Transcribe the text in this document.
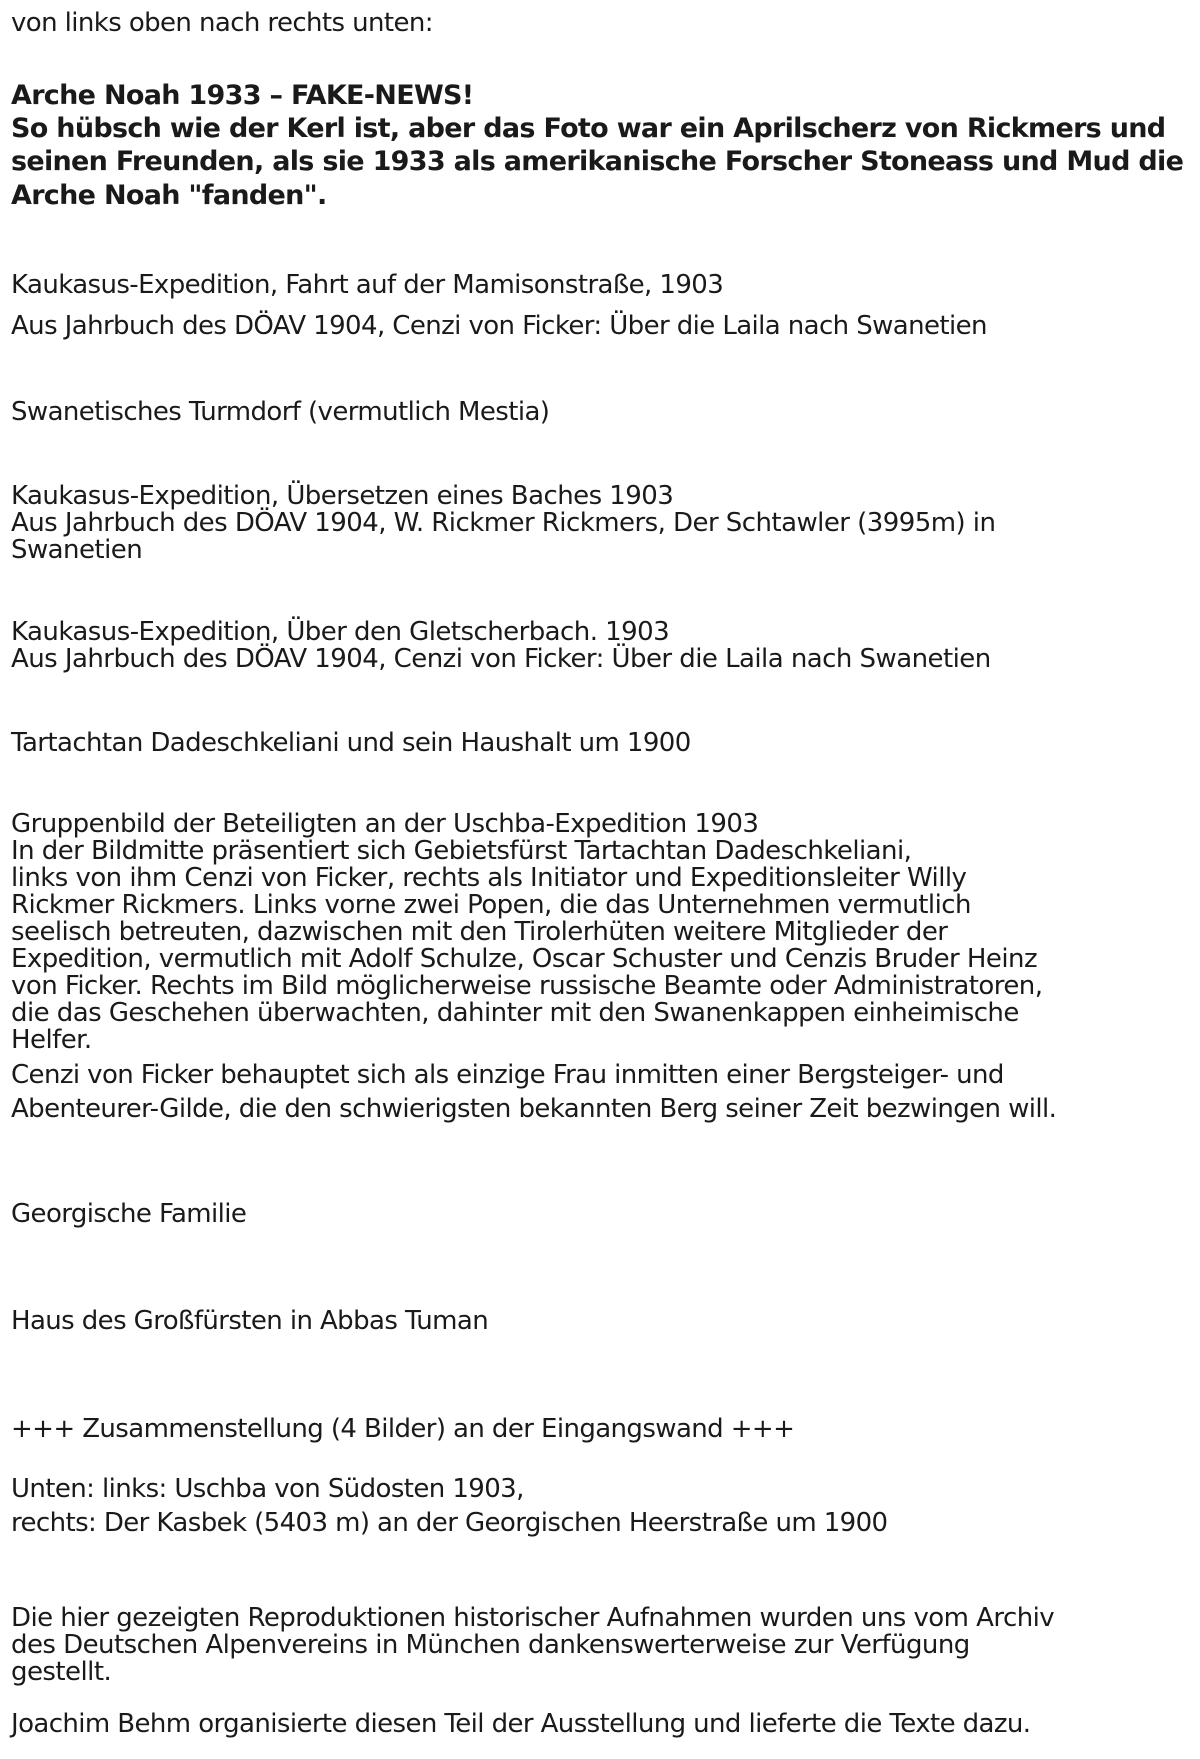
von links oben nach rechts unten:
Arche Noah 1933 – FAKE-NEWS!
So hübsch wie der Kerl ist, aber das Foto war ein Aprilscherz von Rickmers und
seinen Freunden, als sie 1933 als amerikanische Forscher Stoneass und Mud die
Arche Noah "fanden".
Kaukasus-Expedition, Fahrt auf der Mamisonstraße, 1903
Aus Jahrbuch des DÖAV 1904, Cenzi von Ficker: Über die Laila nach Swanetien
Swanetisches Turmdorf (vermutlich Mestia)
Kaukasus-Expedition, Übersetzen eines Baches 1903
Aus Jahrbuch des DÖAV 1904, W. Rickmer Rickmers, Der Schtawler (3995m) in
Swanetien
Kaukasus-Expedition, Über den Gletscherbach. 1903
Aus Jahrbuch des DÖAV 1904, Cenzi von Ficker: Über die Laila nach Swanetien
Tartachtan Dadeschkeliani und sein Haushalt um 1900
Gruppenbild der Beteiligten an der Uschba-Expedition 1903
In der Bildmitte präsentiert sich Gebietsfürst Tartachtan Dadeschkeliani,
links von ihm Cenzi von Ficker, rechts als Initiator und Expeditionsleiter Willy
Rickmer Rickmers. Links vorne zwei Popen, die das Unternehmen vermutlich
seelisch betreuten, dazwischen mit den Tirolerhüten weitere Mitglieder der
Expedition, vermutlich mit Adolf Schulze, Oscar Schuster und Cenzis Bruder Heinz
von Ficker. Rechts im Bild möglicherweise russische Beamte oder Administratoren,
die das Geschehen überwachten, dahinter mit den Swanenkappen einheimische
Helfer.
Cenzi von Ficker behauptet sich als einzige Frau inmitten einer Bergsteiger- und
Abenteurer-Gilde, die den schwierigsten bekannten Berg seiner Zeit bezwingen will.
Georgische Familie
Haus des Großfürsten in Abbas Tuman
+++ Zusammenstellung (4 Bilder) an der Eingangswand +++
Unten: links: Uschba von Südosten 1903,
rechts: Der Kasbek (5403 m) an der Georgischen Heerstraße um 1900
Die hier gezeigten Reproduktionen historischer Aufnahmen wurden uns vom Archiv
des Deutschen Alpenvereins in München dankenswerterweise zur Verfügung
gestellt.
Joachim Behm organisierte diesen Teil der Ausstellung und lieferte die Texte dazu.
